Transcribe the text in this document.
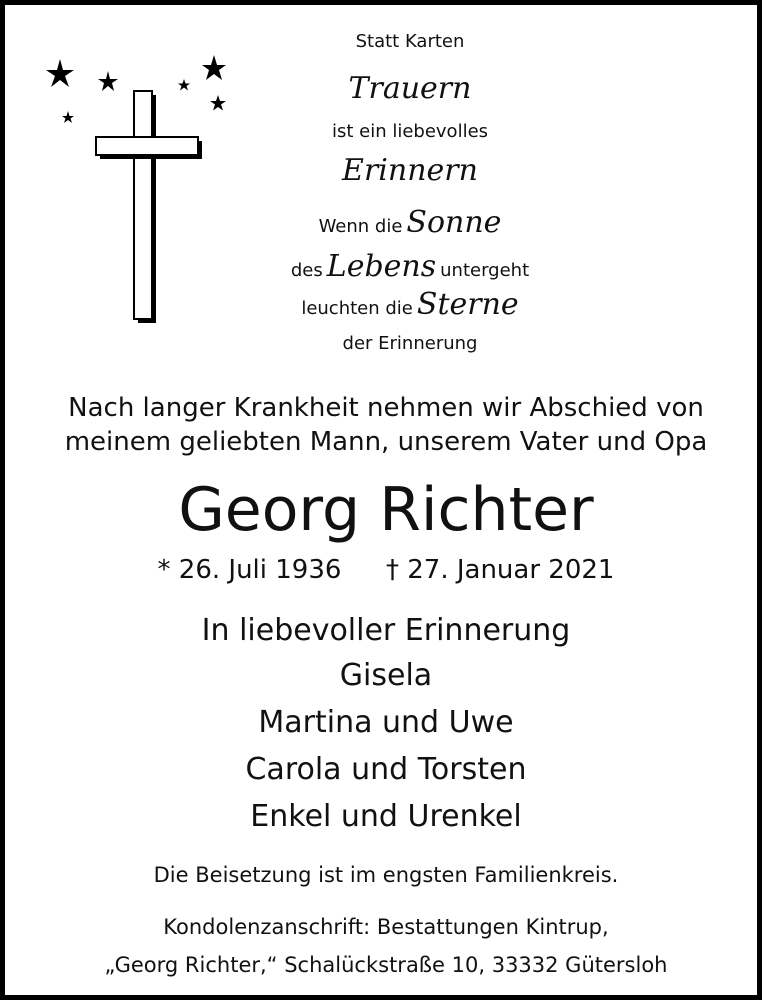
Statt Karten
Trauern
ist ein liebevolles
Erinnern
Wenn die Sonne
des Lebens untergeht
leuchten die Sterne
der Erinnerung
Nach langer Krankheit nehmen wir Abschied von
meinem geliebten Mann, unserem Vater und Opa
Georg Richter
* 26. Juli 1936 † 27. Januar 2021
In liebevoller Erinnerung
Gisela
Martina und Uwe
Carola und Torsten
Enkel und Urenkel
Die Beisetzung ist im engsten Familienkreis.
Kondolenzanschrift: Bestattungen Kintrup,
„Georg Richter,“ Schalückstraße 10, 33332 Gütersloh
